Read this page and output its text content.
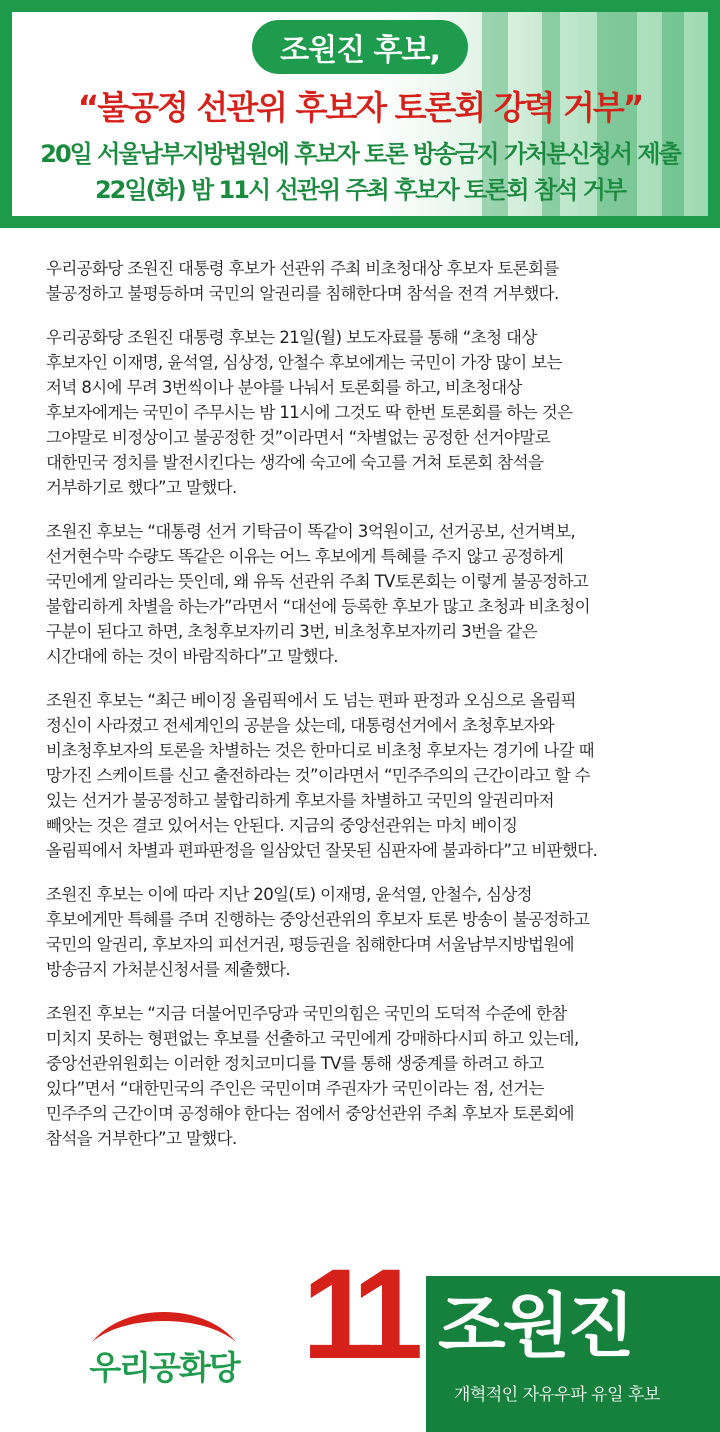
조원진 후보,
“불공정 선관위 후보자 토론회 강력 거부”
20일 서울남부지방법원에 후보자 토론 방송금지 가처분신청서 제출
22일(화) 밤 11시 선관위 주최 후보자 토론회 참석 거부

우리공화당 조원진 대통령 후보가 선관위 주최 비초청대상 후보자 토론회를
불공정하고 불평등하며 국민의 알권리를 침해한다며 참석을 전격 거부했다.

우리공화당 조원진 대통령 후보는 21일(월) 보도자료를 통해 “초청 대상
후보자인 이재명, 윤석열, 심상정, 안철수 후보에게는 국민이 가장 많이 보는
저녁 8시에 무려 3번씩이나 분야를 나눠서 토론회를 하고, 비초청대상
후보자에게는 국민이 주무시는 밤 11시에 그것도 딱 한번 토론회를 하는 것은
그야말로 비정상이고 불공정한 것”이라면서 “차별없는 공정한 선거야말로
대한민국 정치를 발전시킨다는 생각에 숙고에 숙고를 거쳐 토론회 참석을
거부하기로 했다”고 말했다.

조원진 후보는 “대통령 선거 기탁금이 똑같이 3억원이고, 선거공보, 선거벽보,
선거현수막 수량도 똑같은 이유는 어느 후보에게 특혜를 주지 않고 공정하게
국민에게 알리라는 뜻인데, 왜 유독 선관위 주최 TV토론회는 이렇게 불공정하고
불합리하게 차별을 하는가”라면서 “대선에 등록한 후보가 많고 초청과 비초청이
구분이 된다고 하면, 초청후보자끼리 3번, 비초청후보자끼리 3번을 같은
시간대에 하는 것이 바람직하다”고 말했다.

조원진 후보는 “최근 베이징 올림픽에서 도 넘는 편파 판정과 오심으로 올림픽
정신이 사라졌고 전세계인의 공분을 샀는데, 대통령선거에서 초청후보자와
비초청후보자의 토론을 차별하는 것은 한마디로 비초청 후보자는 경기에 나갈 때
망가진 스케이트를 신고 출전하라는 것”이라면서 “민주주의의 근간이라고 할 수
있는 선거가 불공정하고 불합리하게 후보자를 차별하고 국민의 알권리마저
빼앗는 것은 결코 있어서는 안된다. 지금의 중앙선관위는 마치 베이징
올림픽에서 차별과 편파판정을 일삼았던 잘못된 심판자에 불과하다”고 비판했다.

조원진 후보는 이에 따라 지난 20일(토) 이재명, 윤석열, 안철수, 심상정
후보에게만 특혜를 주며 진행하는 중앙선관위의 후보자 토론 방송이 불공정하고
국민의 알권리, 후보자의 피선거권, 평등권을 침해한다며 서울남부지방법원에
방송금지 가처분신청서를 제출했다.

조원진 후보는 “지금 더불어민주당과 국민의힘은 국민의 도덕적 수준에 한참
미치지 못하는 형편없는 후보를 선출하고 국민에게 강매하다시피 하고 있는데,
중앙선관위원회는 이러한 정치코미디를 TV를 통해 생중계를 하려고 하고
있다”면서 “대한민국의 주인은 국민이며 주권자가 국민이라는 점, 선거는
민주주의 근간이며 공정해야 한다는 점에서 중앙선관위 주최 후보자 토론회에
참석을 거부한다”고 말했다.

우리공화당 11 조원진
개혁적인 자유우파 유일 후보
